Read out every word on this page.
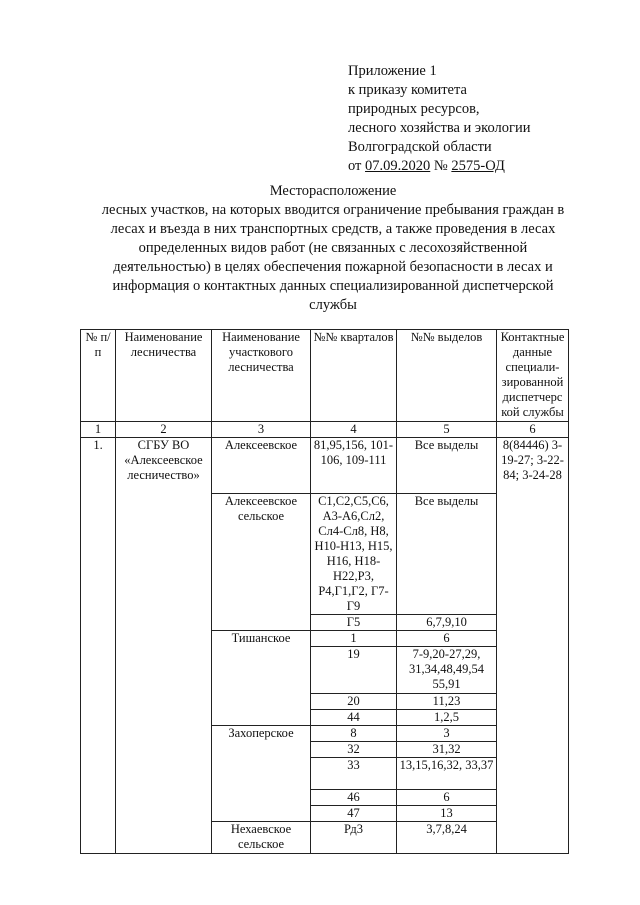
Приложение 1
к приказу комитета
природных ресурсов,
лесного хозяйства и экологии
Волгоградской области
от 07.09.2020 № 2575-ОД
Месторасположение
лесных участков, на которых вводится ограничение пребывания граждан в
лесах и въезда в них транспортных средств, а также проведения в лесах
определенных видов работ (не связанных с лесохозяйственной
деятельностью) в целях обеспечения пожарной безопасности в лесах и
информация о контактных данных специализированной диспетчерской
службы
№ п/п	Наименование лесничества	Наименование участкового лесничества	№№ кварталов	№№ выделов	Контактные данные специали-зированной диспетчерс кой службы
1	2	3	4	5	6
1.	СГБУ ВО «Алексеевское лесничество»	Алексеевское	81,95,156, 101-106, 109-111	Все выделы	8(84446) 3-19-27; 3-22-84; 3-24-28
		Алексеевское сельское	С1,С2,С5,С6, А3-А6,Сл2, Сл4-Сл8, Н8, Н10-Н13, Н15, Н16, Н18-Н22,Р3, Р4,Г1,Г2, Г7-Г9	Все выделы	
			Г5	6,7,9,10	
		Тишанское	1	6	
			19	7-9,20-27,29, 31,34,48,49,54 55,91	
			20	11,23	
			44	1,2,5	
		Захоперское	8	3	
			32	31,32	
			33	13,15,16,32, 33,37	
			46	6	
			47	13	
		Нехаевское сельское	Рд3	3,7,8,24	
